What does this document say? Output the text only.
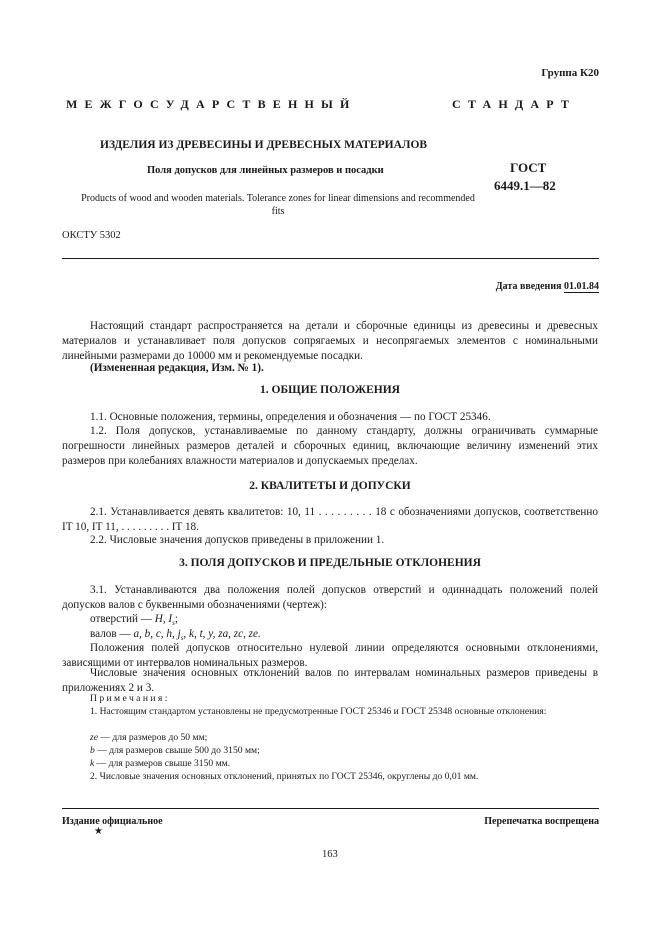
Группа К20
МЕЖГОСУДАРСТВЕННЫЙ	СТАНДАРТ
ИЗДЕЛИЯ ИЗ ДРЕВЕСИНЫ И ДРЕВЕСНЫХ МАТЕРИАЛОВ
Поля допусков для линейных размеров и посадки
Products of wood and wooden materials. Tolerance zones for linear dimensions and recommended fits
ГОСТ
6449.1—82
ОКСТУ 5302
Дата введения 01.01.84
Настоящий стандарт распространяется на детали и сборочные единицы из древесины и древесных материалов и устанавливает поля допусков сопрягаемых и несопрягаемых элементов с номинальными линейными размерами до 10000 мм и рекомендуемые посадки.
(Измененная редакция, Изм. № 1).
1. ОБЩИЕ ПОЛОЖЕНИЯ
1.1. Основные положения, термины, определения и обозначения — по ГОСТ 25346.
1.2. Поля допусков, устанавливаемые по данному стандарту, должны ограничивать суммарные погрешности линейных размеров деталей и сборочных единиц, включающие величину изменений этих размеров при колебаниях влажности материалов и допускаемых пределах.
2. КВАЛИТЕТЫ И ДОПУСКИ
2.1. Устанавливается девять квалитетов: 10, 11 . . . . . . . . . 18 с обозначениями допусков, соответственно IT 10, IT 11, . . . . . . . . . IT 18.
2.2. Числовые значения допусков приведены в приложении 1.
3. ПОЛЯ ДОПУСКОВ И ПРЕДЕЛЬНЫЕ ОТКЛОНЕНИЯ
3.1. Устанавливаются два положения полей допусков отверстий и одиннадцать положений полей допусков валов с буквенными обозначениями (чертеж):
отверстий — H, $I_s$;
валов — a, b, c, h, $j_s$, k, t, y, za, zc, ze.
Положения полей допусков относительно нулевой линии определяются основными отклонениями, зависящими от интервалов номинальных размеров.
Числовые значения основных отклонений валов по интервалам номинальных размеров приведены в приложениях 2 и 3.
Примечания:
1. Настоящим стандартом установлены не предусмотренные ГОСТ 25346 и ГОСТ 25348 основные отклонения:
ze — для размеров до 50 мм;
b — для размеров свыше 500 до 3150 мм;
k — для размеров свыше 3150 мм.
2. Числовые значения основных отклонений, принятых по ГОСТ 25346, округлены до 0,01 мм.
Издание официальное
★
Перепечатка воспрещена
163
